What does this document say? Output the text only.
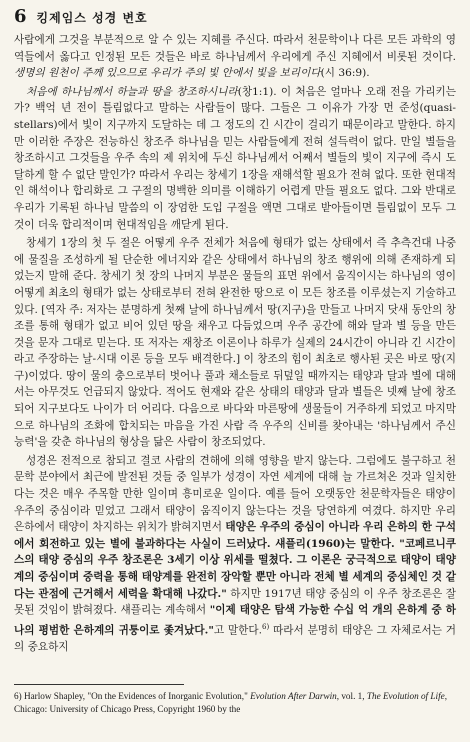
6 킹제임스 성경 변호

사람에게 그것을 부분적으로 알 수 있는 지혜를 주신다. 따라서 천문학이나 다른 모든 과학의 영역들에서 옳다고 인정된 모든 것들은 바로 하나님께서 우리에게 주신 지혜에서 비롯된 것이다. 생명의 원천이 주께 있으므로 우리가 주의 빛 안에서 빛을 보리이다(시 36:9).

처음에 하나님께서 하늘과 땅을 창조하시니라(창1:1). 이 처음은 얼마나 오래 전을 가리키는가? 백억 년 전이 틀림없다고 말하는 사람들이 많다. 그들은 그 이유가 가장 먼 준성(quasi-stellars)에서 빛이 지구까지 도달하는 데 그 정도의 긴 시간이 걸리기 때문이라고 말한다. 하지만 이러한 주장은 전능하신 창조주 하나님을 믿는 사람들에게 전혀 설득력이 없다. 만일 별들을 창조하시고 그것들을 우주 속의 제 위치에 두신 하나님께서 어째서 별들의 빛이 지구에 즉시 도달하게 할 수 없단 말인가? 따라서 우리는 창세기 1장을 재해석할 필요가 전혀 없다. 또한 현대적인 해석이나 합리화로 그 구절의 명백한 의미를 이해하기 어렵게 만들 필요도 없다. 그와 반대로 우리가 기록된 하나님 말씀의 이 장엄한 도입 구절을 액면 그대로 받아들이면 틀림없이 모두 그것이 더욱 합리적이며 현대적임을 깨닫게 된다.

창세기 1장의 첫 두 절은 어떻게 우주 전체가 처음에 형태가 없는 상태에서 즉 추측건대 나중에 물질을 조성하게 될 단순한 에너지와 같은 상태에서 하나님의 창조 행위에 의해 존재하게 되었는지 말해 준다. 창세기 첫 장의 나머지 부분은 물들의 표면 위에서 움직이시는 하나님의 영이 어떻게 최초의 형태가 없는 상태로부터 전혀 완전한 땅으로 이 모든 창조를 이루셨는지 기술하고 있다. [역자 주: 저자는 분명하게 첫째 날에 하나님께서 땅(지구)을 만들고 나머지 닷새 동안의 창조를 통해 형태가 없고 비어 있던 땅을 채우고 다듬었으며 우주 공간에 해와 달과 별 등을 만든 것을 문자 그대로 믿는다. 또 저자는 재창조 이론이나 하루가 실제의 24시간이 아니라 긴 시간이라고 주장하는 날-시대 이론 등을 모두 배격한다.] 이 창조의 힘이 최초로 행사된 곳은 바로 땅(지구)이었다. 땅이 물의 충으로부터 벗어나 풀과 채소들로 뒤덮일 때까지는 태양과 달과 별에 대해서는 아무것도 언급되지 않았다. 적어도 현재와 같은 상태의 태양과 달과 별들은 넷째 날에 창조되어 지구보다도 나이가 더 어리다. 다음으로 바다와 마른땅에 생물들이 거주하게 되었고 마지막으로 하나님의 조화에 합치되는 마음을 가진 사람 즉 우주의 신비를 찾아내는 '하나님께서 주신 능력'을 갖춘 하나님의 형상을 닮은 사람이 창조되었다.

성경은 전적으로 참되고 결코 사람의 견해에 의해 영향을 받지 않는다. 그럼에도 불구하고 천문학 분야에서 최근에 발전된 것들 중 일부가 성경이 자연 세계에 대해 늘 가르쳐온 것과 일치한다는 것은 매우 주목할 만한 일이며 흥미로운 일이다. 예를 들어 오랫동안 천문학자들은 태양이 우주의 중심이라 믿었고 그래서 태양이 움직이지 않는다는 것을 당연하게 여겼다. 하지만 우리 은하에서 태양이 차지하는 위치가 밝혀지면서 태양은 우주의 중심이 아니라 우리 은하의 한 구석에서 회전하고 있는 별에 불과하다는 사실이 드러났다. 섀플리(1960)는 말한다. "코페르니쿠스의 태양 중심의 우주 창조론은 3세기 이상 위세를 떨쳤다. 그 이론은 궁극적으로 태양이 태양계의 중심이며 중력을 통해 태양계를 완전히 장악할 뿐만 아니라 전체 별 세계의 중심체인 것 같다는 관점에 근거해서 세력을 확대해 나갔다." 하지만 1917년 태양 중심의 이 우주 창조론은 잘못된 것임이 밝혀졌다. 섀플리는 계속해서 "이제 태양은 탐색 가능한 수십 억 개의 은하계 중 하나의 평범한 은하계의 귀퉁이로 좇겨났다."고 말한다.$^{6)}$ 따라서 분명히 태양은 그 자체로서는 거의 중요하지

6) Harlow Shapley, "On the Evidences of Inorganic Evolution," Evolution After Darwin, vol. 1, The Evolution of Life, Chicago: University of Chicago Press, Copyright 1960 by the
